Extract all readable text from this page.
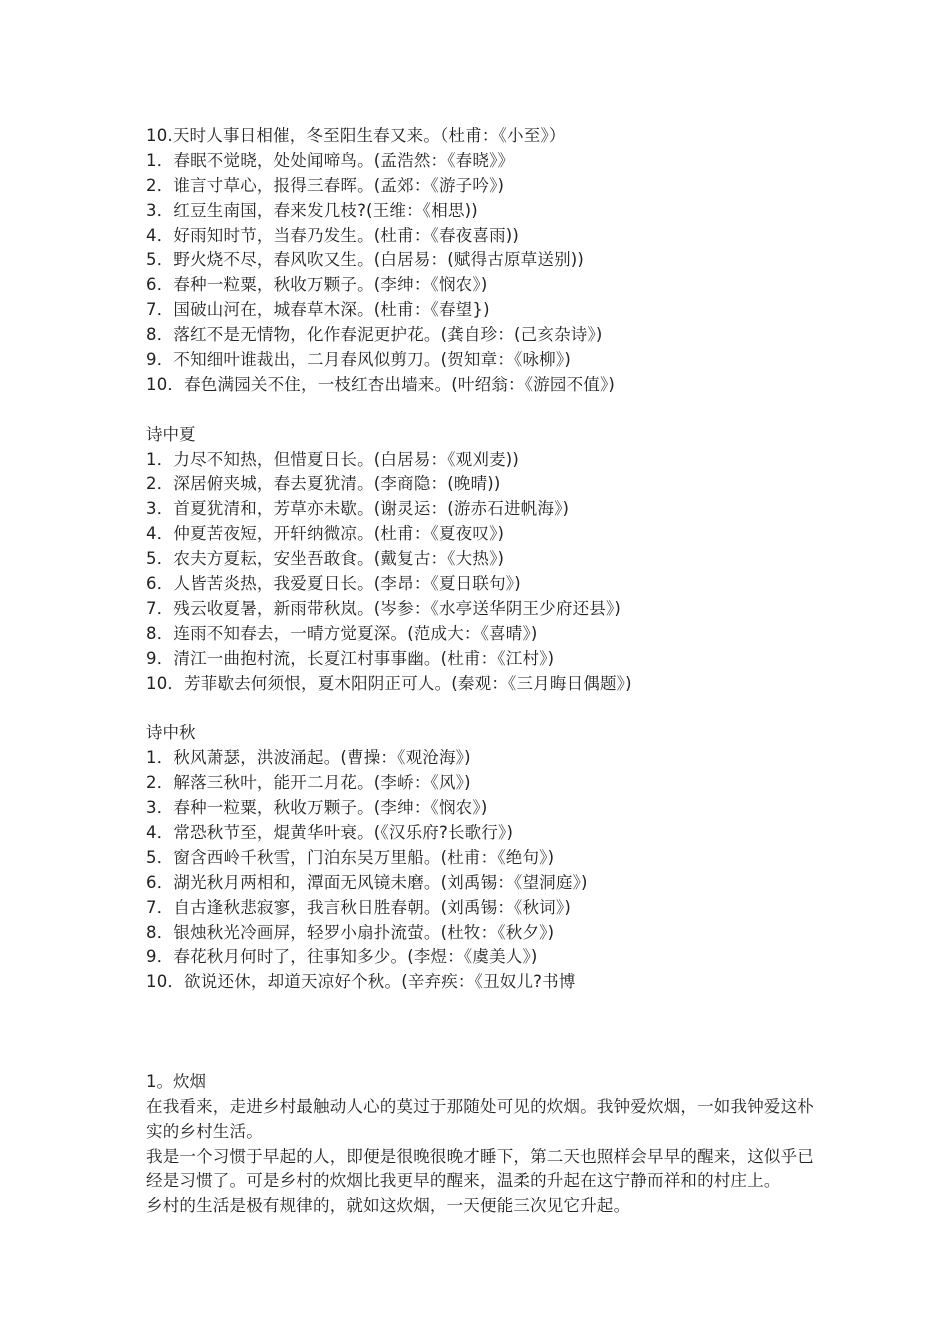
10.天时人事日相催，冬至阳生春又来。（杜甫：《小至》）
1．春眠不觉晓，处处闻啼鸟。(孟浩然：《春晓》》
2．谁言寸草心，报得三春晖。(孟郊：《游子吟》)
3．红豆生南国，春来发几枝?(王维：《相思))
4．好雨知时节，当春乃发生。(杜甫：《春夜喜雨))
5．野火烧不尽，春风吹又生。(白居易：(赋得古原草送别))
6．春种一粒粟，秋收万颗子。(李绅：《悯农》)
7．国破山河在，城春草木深。(杜甫：《春望})
8．落红不是无情物，化作春泥更护花。(龚自珍：(己亥杂诗》)
9．不知细叶谁裁出，二月春风似剪刀。(贺知章：《咏柳》)
10．春色满园关不住，一枝红杏出墙来。(叶绍翁：《游园不值》)
诗中夏
1．力尽不知热，但惜夏日长。(白居易：《观刈麦))
2．深居俯夹城，春去夏犹清。(李商隐：(晚晴))
3．首夏犹清和，芳草亦未歇。(谢灵运：(游赤石进帆海》)
4．仲夏苦夜短，开轩纳微凉。(杜甫：《夏夜叹》)
5．农夫方夏耘，安坐吾敢食。(戴复古：《大热》)
6．人皆苦炎热，我爱夏日长。(李昂：《夏日联句》)
7．残云收夏暑，新雨带秋岚。(岑参：《水亭送华阴王少府还县》)
8．连雨不知春去，一晴方觉夏深。(范成大：《喜晴》)
9．清江一曲抱村流，长夏江村事事幽。(杜甫：《江村》)
10．芳菲歇去何须恨，夏木阳阴正可人。(秦观：《三月晦日偶题》)
诗中秋
1．秋风萧瑟，洪波涌起。(曹操：《观沧海》)
2．解落三秋叶，能开二月花。(李峤：《风》)
3．春种一粒粟，秋收万颗子。(李绅：《悯农》)
4．常恐秋节至，焜黄华叶衰。(《汉乐府?长歌行》)
5．窗含西岭千秋雪，门泊东吴万里船。(杜甫：《绝句》)
6．湖光秋月两相和，潭面无风镜未磨。(刘禹锡：《望洞庭》)
7．自古逢秋悲寂寥，我言秋日胜春朝。(刘禹锡：《秋词》)
8．银烛秋光冷画屏，轻罗小扇扑流萤。(杜牧：《秋夕》)
9．春花秋月何时了，往事知多少。(李煜：《虞美人》)
10．欲说还休，却道天凉好个秋。(辛弃疾：《丑奴儿?书博
1。炊烟
在我看来，走进乡村最触动人心的莫过于那随处可见的炊烟。我钟爱炊烟，一如我钟爱这朴实的乡村生活。
我是一个习惯于早起的人，即便是很晚很晚才睡下，第二天也照样会早早的醒来，这似乎已经是习惯了。可是乡村的炊烟比我更早的醒来，温柔的升起在这宁静而祥和的村庄上。
乡村的生活是极有规律的，就如这炊烟，一天便能三次见它升起。
